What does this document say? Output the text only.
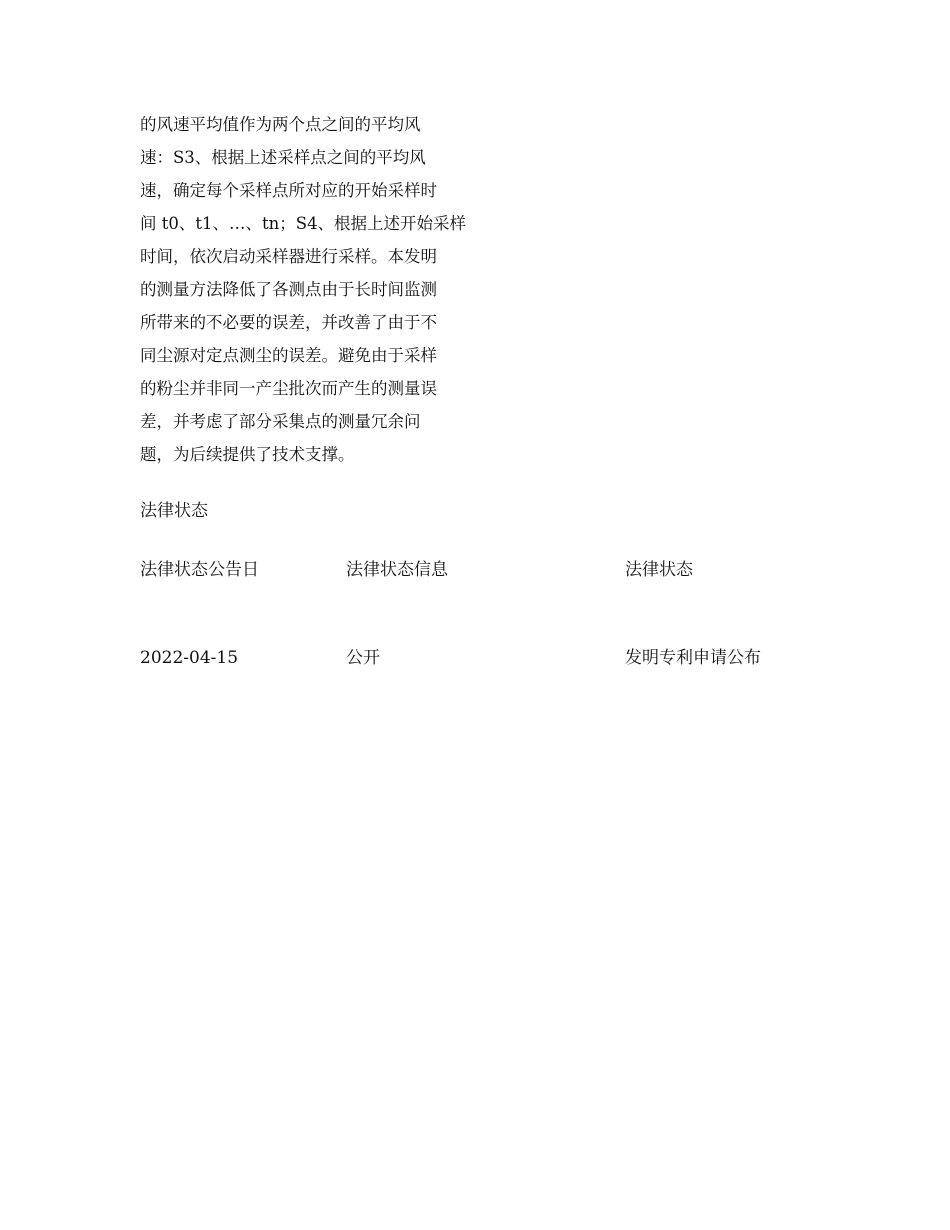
的风速平均值作为两个点之间的平均风
速：S3、根据上述采样点之间的平均风
速，确定每个采样点所对应的开始采样时
间 t0、t1、…、tn；S4、根据上述开始采样
时间，依次启动采样器进行采样。本发明
的测量方法降低了各测点由于长时间监测
所带来的不必要的误差，并改善了由于不
同尘源对定点测尘的误差。避免由于采样
的粉尘并非同一产尘批次而产生的测量误
差，并考虑了部分采集点的测量冗余问
题，为后续提供了技术支撑。
法律状态
法律状态公告日	法律状态信息	法律状态
2022-04-15	公开	发明专利申请公布
